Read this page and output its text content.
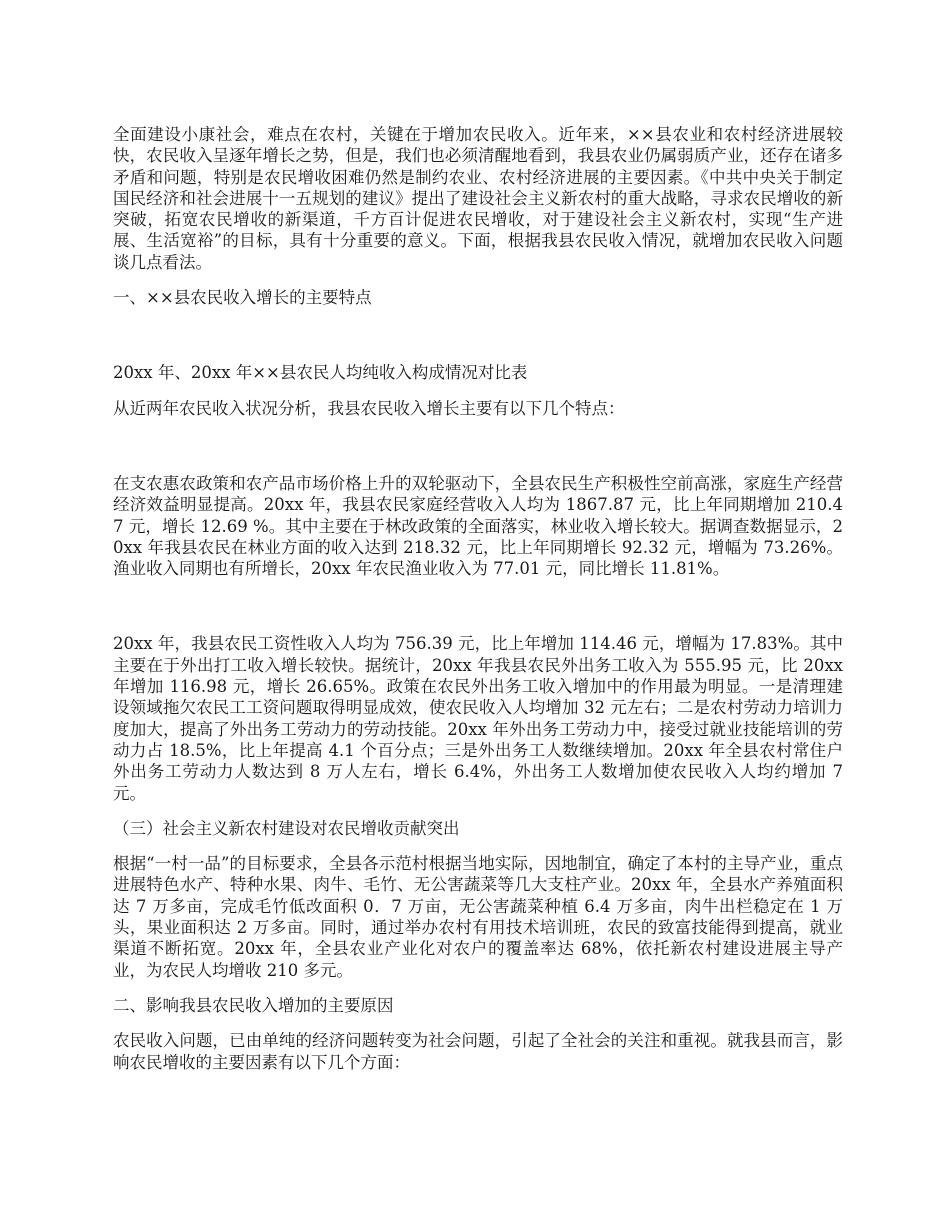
全面建设小康社会，难点在农村，关键在于增加农民收入。近年来，××县农业和农村经济进展较快，农民收入呈逐年增长之势，但是，我们也必须清醒地看到，我县农业仍属弱质产业，还存在诸多矛盾和问题，特别是农民增收困难仍然是制约农业、农村经济进展的主要因素。《中共中央关于制定国民经济和社会进展十一五规划的建议》提出了建设社会主义新农村的重大战略，寻求农民增收的新突破，拓宽农民增收的新渠道，千方百计促进农民增收，对于建设社会主义新农村，实现“生产进展、生活宽裕”的目标，具有十分重要的意义。下面，根据我县农民收入情况，就增加农民收入问题谈几点看法。

一、××县农民收入增长的主要特点

20xx 年、20xx 年××县农民人均纯收入构成情况对比表

从近两年农民收入状况分析，我县农民收入增长主要有以下几个特点：

在支农惠农政策和农产品市场价格上升的双轮驱动下，全县农民生产积极性空前高涨，家庭生产经营经济效益明显提高。20xx 年，我县农民家庭经营收入人均为 1867.87 元，比上年同期增加 210.47 元，增长 12.69 %。其中主要在于林改政策的全面落实，林业收入增长较大。据调查数据显示，20xx 年我县农民在林业方面的收入达到 218.32 元，比上年同期增长 92.32 元，增幅为 73.26%。渔业收入同期也有所增长，20xx 年农民渔业收入为 77.01 元，同比增长 11.81%。

20xx 年，我县农民工资性收入人均为 756.39 元，比上年增加 114.46 元，增幅为 17.83%。其中主要在于外出打工收入增长较快。据统计，20xx 年我县农民外出务工收入为 555.95 元，比 20xx 年增加 116.98 元，增长 26.65%。政策在农民外出务工收入增加中的作用最为明显。一是清理建设领域拖欠农民工工资问题取得明显成效，使农民收入人均增加 32 元左右；二是农村劳动力培训力度加大，提高了外出务工劳动力的劳动技能。20xx 年外出务工劳动力中，接受过就业技能培训的劳动力占 18.5%，比上年提高 4.1 个百分点；三是外出务工人数继续增加。20xx 年全县农村常住户外出务工劳动力人数达到 8 万人左右，增长 6.4%，外出务工人数增加使农民收入人均约增加 7 元。

（三）社会主义新农村建设对农民增收贡献突出

根据“一村一品”的目标要求，全县各示范村根据当地实际，因地制宜，确定了本村的主导产业，重点进展特色水产、特种水果、肉牛、毛竹、无公害蔬菜等几大支柱产业。20xx 年，全县水产养殖面积达 7 万多亩，完成毛竹低改面积 0．7 万亩，无公害蔬菜种植 6.4 万多亩，肉牛出栏稳定在 1 万头，果业面积达 2 万多亩。同时，通过举办农村有用技术培训班，农民的致富技能得到提高，就业渠道不断拓宽。20xx 年，全县农业产业化对农户的覆盖率达 68%，依托新农村建设进展主导产业，为农民人均增收 210 多元。

二、影响我县农民收入增加的主要原因

农民收入问题，已由单纯的经济问题转变为社会问题，引起了全社会的关注和重视。就我县而言，影响农民增收的主要因素有以下几个方面：
